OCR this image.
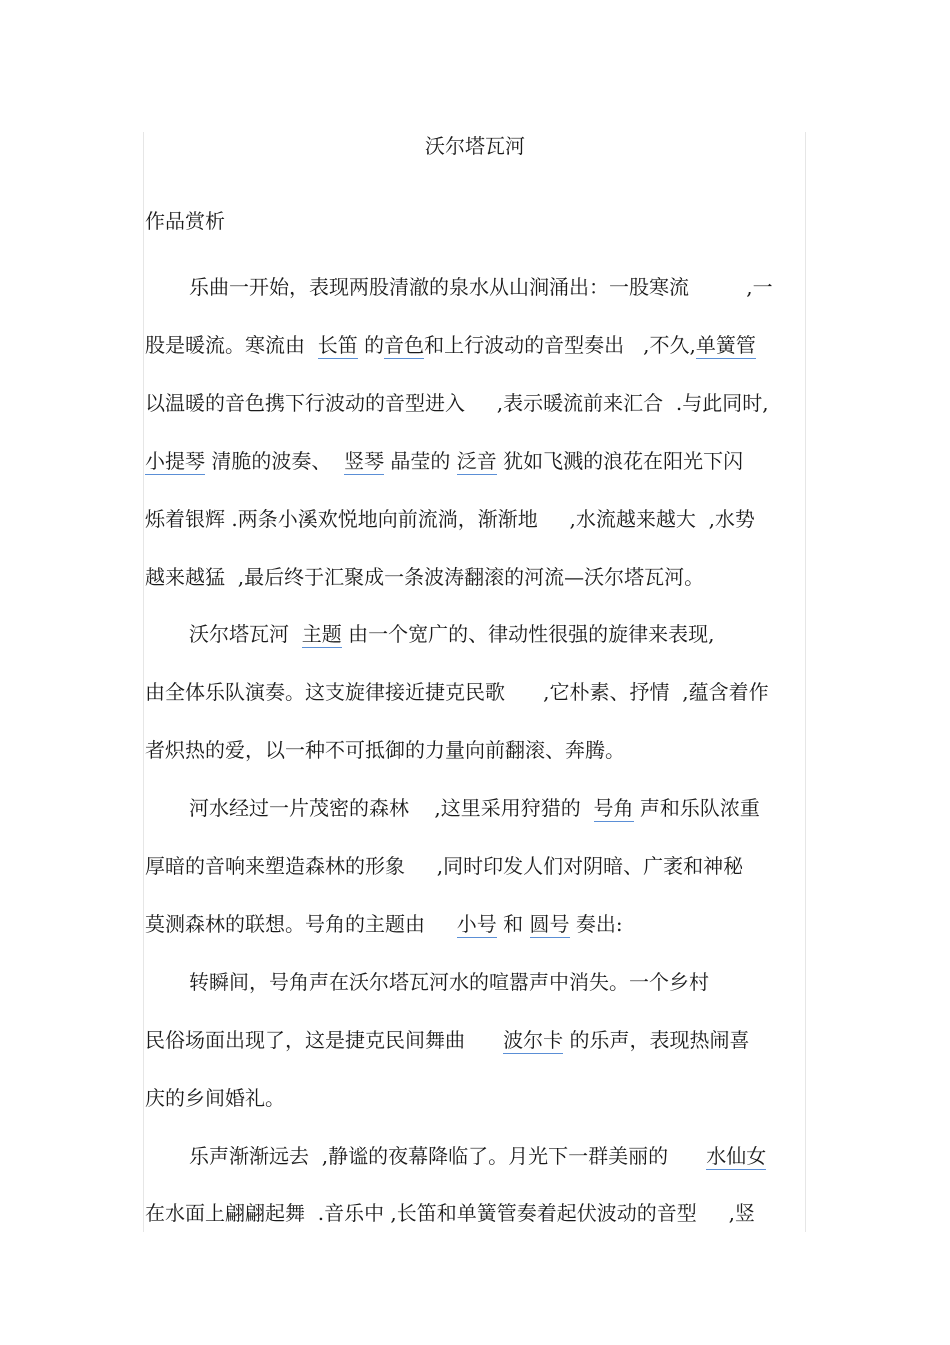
沃尔塔瓦河
作品赏析
乐曲一开始，表现两股清澈的泉水从山涧涌出：一股寒流         ,一
股是暖流。寒流由  长笛 的音色和上行波动的音型奏出   ,不久,单簧管
以温暖的音色携下行波动的音型进入     ,表示暖流前来汇合  .与此同时,
小提琴 清脆的波奏、  竖琴 晶莹的 泛音 犹如飞溅的浪花在阳光下闪
烁着银辉 .两条小溪欢悦地向前流淌，渐渐地     ,水流越来越大  ,水势
越来越猛  ,最后终于汇聚成一条波涛翻滚的河流—沃尔塔瓦河。
沃尔塔瓦河  主题 由一个宽广的、律动性很强的旋律来表现,
由全体乐队演奏。这支旋律接近捷克民歌      ,它朴素、抒情  ,蕴含着作
者炽热的爱，以一种不可抵御的力量向前翻滚、奔腾。
河水经过一片茂密的森林    ,这里采用狩猎的  号角 声和乐队浓重
厚暗的音响来塑造森林的形象     ,同时印发人们对阴暗、广袤和神秘
莫测森林的联想。号角的主题由     小号 和 圆号 奏出:
转瞬间，号角声在沃尔塔瓦河水的喧嚣声中消失。一个乡村
民俗场面出现了，这是捷克民间舞曲      波尔卡 的乐声，表现热闹喜
庆的乡间婚礼。
乐声渐渐远去  ,静谧的夜幕降临了。月光下一群美丽的      水仙女
在水面上翩翩起舞  .音乐中 ,长笛和单簧管奏着起伏波动的音型     ,竖
